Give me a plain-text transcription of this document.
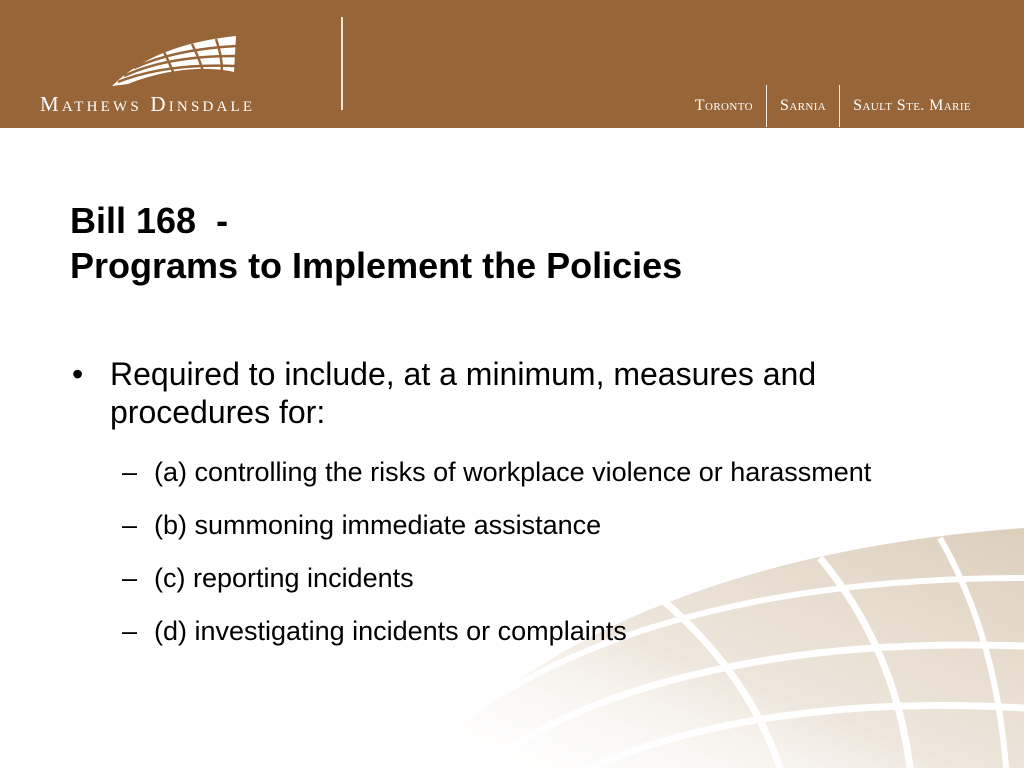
Mathews Dinsdale	Toronto	Sarnia	Sault Ste. Marie
Bill 168  -
Programs to Implement the Policies
• Required to include, at a minimum, measures and procedures for:
– (a) controlling the risks of workplace violence or harassment
– (b) summoning immediate assistance
– (c) reporting incidents
– (d) investigating incidents or complaints
